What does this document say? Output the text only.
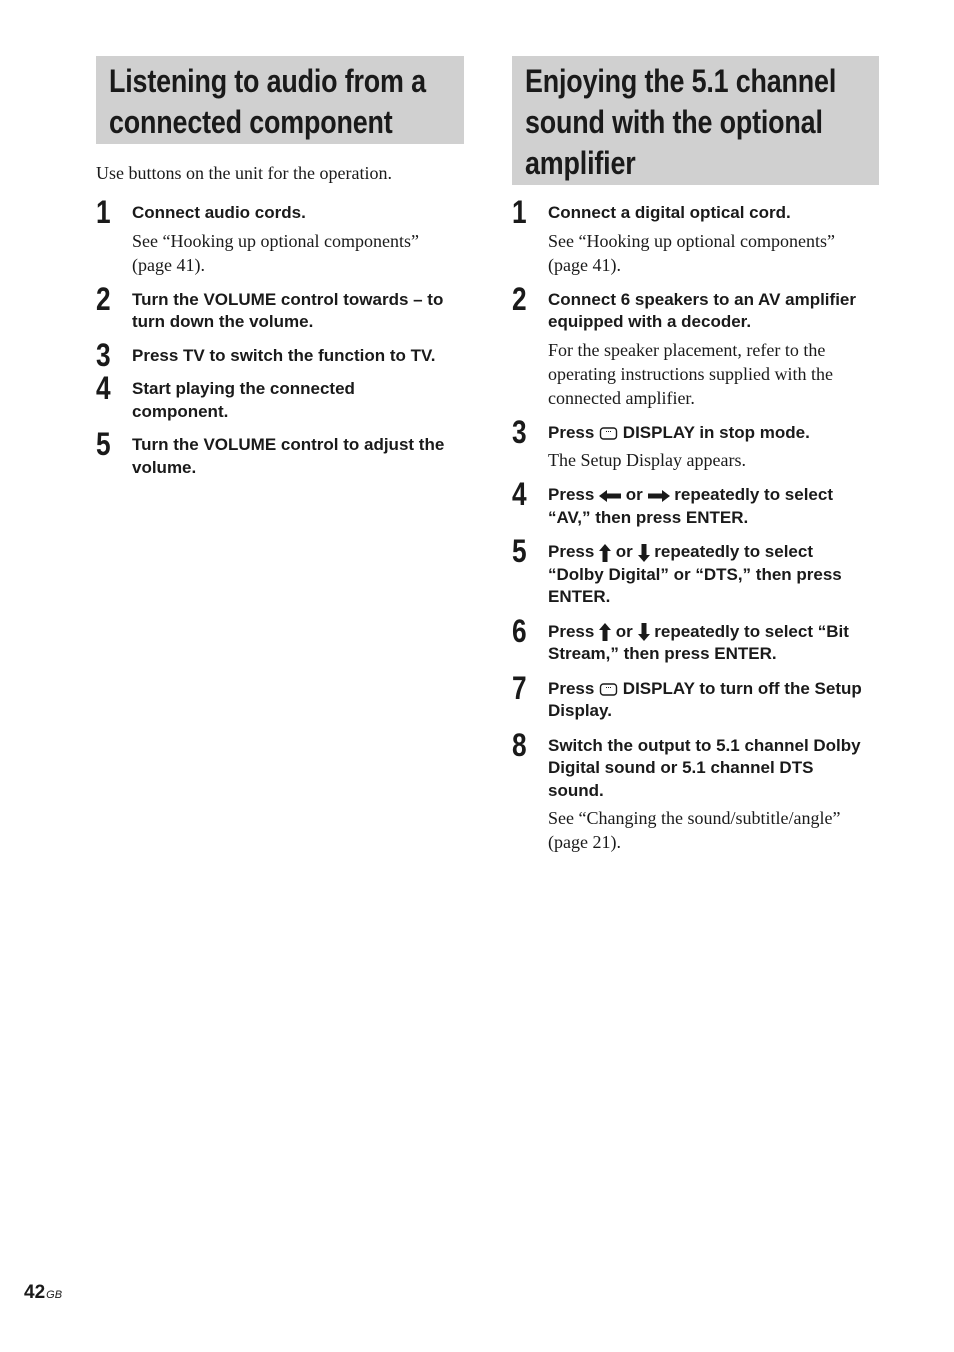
Listening to audio from a
connected component

Use buttons on the unit for the operation.

1 Connect audio cords.
See “Hooking up optional components”
(page 41).
2 Turn the VOLUME control towards – to
turn down the volume.
3 Press TV to switch the function to TV.
4 Start playing the connected
component.
5 Turn the VOLUME control to adjust the
volume.
Enjoying the 5.1 channel
sound with the optional
amplifier
1 Connect a digital optical cord.
See “Hooking up optional components”
(page 41).
2 Connect 6 speakers to an AV amplifier
equipped with a decoder.
For the speaker placement, refer to the
operating instructions supplied with the
connected amplifier.
3 Press DISPLAY in stop mode.
The Setup Display appears.
4 Press or repeatedly to select
“AV,” then press ENTER.
5 Press or repeatedly to select
“Dolby Digital” or “DTS,” then press
ENTER.
6 Press or repeatedly to select “Bit
Stream,” then press ENTER.
7 Press DISPLAY to turn off the Setup
Display.
8 Switch the output to 5.1 channel Dolby
Digital sound or 5.1 channel DTS
sound.
See “Changing the sound/subtitle/angle”
(page 21).
$42^{GB}$
